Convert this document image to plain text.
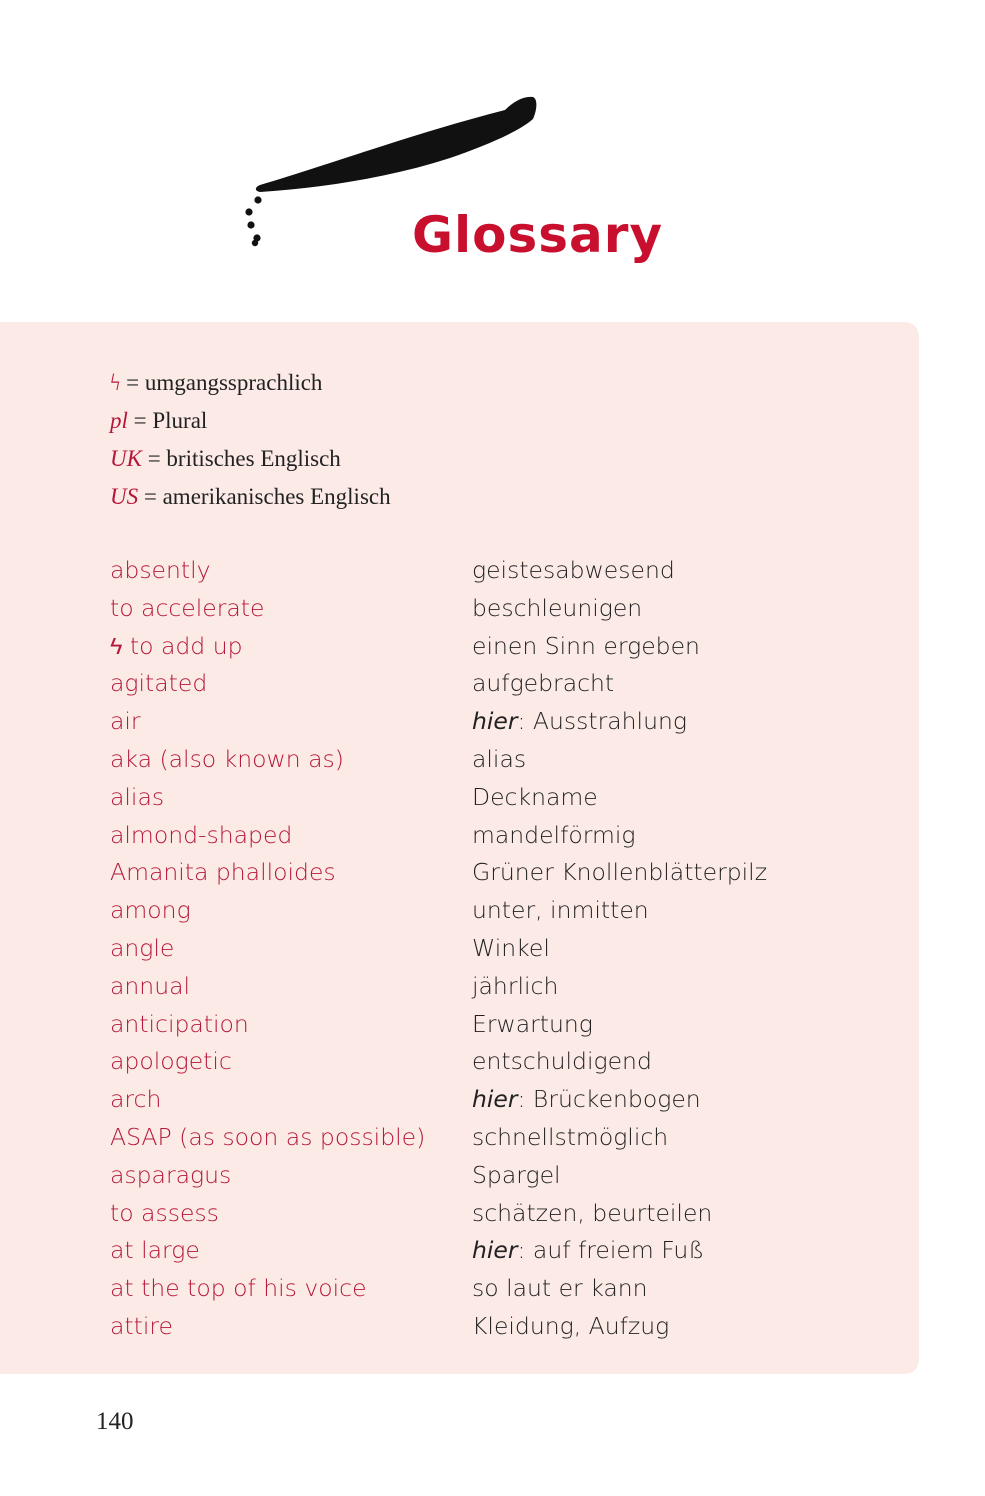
Glossary
ϟ = umgangssprachlich
pl = Plural
UK = britisches Englisch
US = amerikanisches Englisch
absently	geistesabwesend
to accelerate	beschleunigen
ϟ to add up	einen Sinn ergeben
agitated	aufgebracht
air	hier: Ausstrahlung
aka (also known as)	alias
alias	Deckname
almond-shaped	mandelförmig
Amanita phalloides	Grüner Knollenblätterpilz
among	unter, inmitten
angle	Winkel
annual	jährlich
anticipation	Erwartung
apologetic	entschuldigend
arch	hier: Brückenbogen
ASAP (as soon as possible) schnellstmöglich
asparagus	Spargel
to assess	schätzen, beurteilen
at large	hier: auf freiem Fuß
at the top of his voice	so laut er kann
attire	Kleidung, Aufzug
140
